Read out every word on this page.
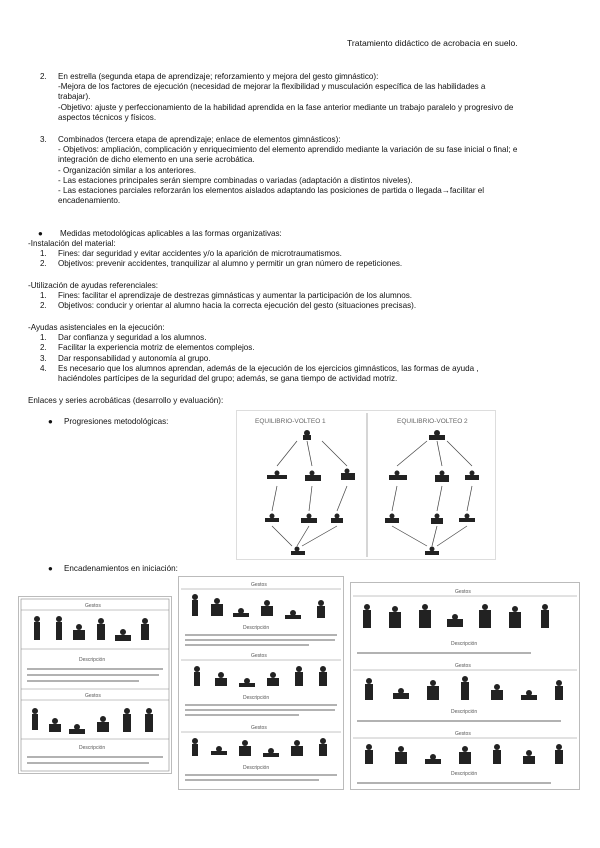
Tratamiento didáctico de acrobacia en suelo.
2. En estrella (segunda etapa de aprendizaje; reforzamiento y mejora del gesto gimnástico):
-Mejora de los factores de ejecución (necesidad de mejorar la flexibilidad y musculación específica de las habilidades a
trabajar).
-Objetivo: ajuste y perfeccionamiento de la habilidad aprendida en la fase anterior mediante un trabajo paralelo y progresivo de
aspectos técnicos y físicos.
3. Combinados (tercera etapa de aprendizaje; enlace de elementos gimnásticos):
- Objetivos: ampliación, complicación y enriquecimiento del elemento aprendido mediante la variación de su fase inicial o final; e
integración de dicho elemento en una serie acrobática.
- Organización similar a los anteriores.
- Las estaciones principales serán siempre combinadas o variadas (adaptación a distintos niveles).
- Las estaciones parciales reforzarán los elementos aislados adaptando las posiciones de partida o llegada→facilitar el
encadenamiento.
● Medidas metodológicas aplicables a las formas organizativas:
-Instalación del material:
1. Fines: dar seguridad y evitar accidentes y/o la aparición de microtraumatismos.
2. Objetivos: prevenir accidentes, tranquilizar al alumno y permitir un gran número de repeticiones.
-Utilización de ayudas referenciales:
1. Fines: facilitar el aprendizaje de destrezas gimnásticas y aumentar la participación de los alumnos.
2. Objetivos: conducir y orientar al alumno hacia la correcta ejecución del gesto (situaciones precisas).
-Ayudas asistenciales en la ejecución:
1. Dar confianza y seguridad a los alumnos.
2. Facilitar la experiencia motriz de elementos complejos.
3. Dar responsabilidad y autonomía al grupo.
4. Es necesario que los alumnos aprendan, además de la ejecución de los ejercicios gimnásticos, las formas de ayuda ,
haciéndoles partícipes de la seguridad del grupo; además, se gana tiempo de actividad motriz.
Enlaces y series acrobáticas (desarrollo y evaluación):
● Progresiones metodológicas:	EQUILIBRIO-VOLTEO 1	EQUILIBRIO-VOLTEO 2
● Encadenamientos en iniciación:
Gestos
Descripción
Gestos
Descripción
Gestos
Descripción
Gestos
Descripción
Gestos
Descripción
Gestos
Descripción
Gestos
Descripción
Gestos
Descripción
